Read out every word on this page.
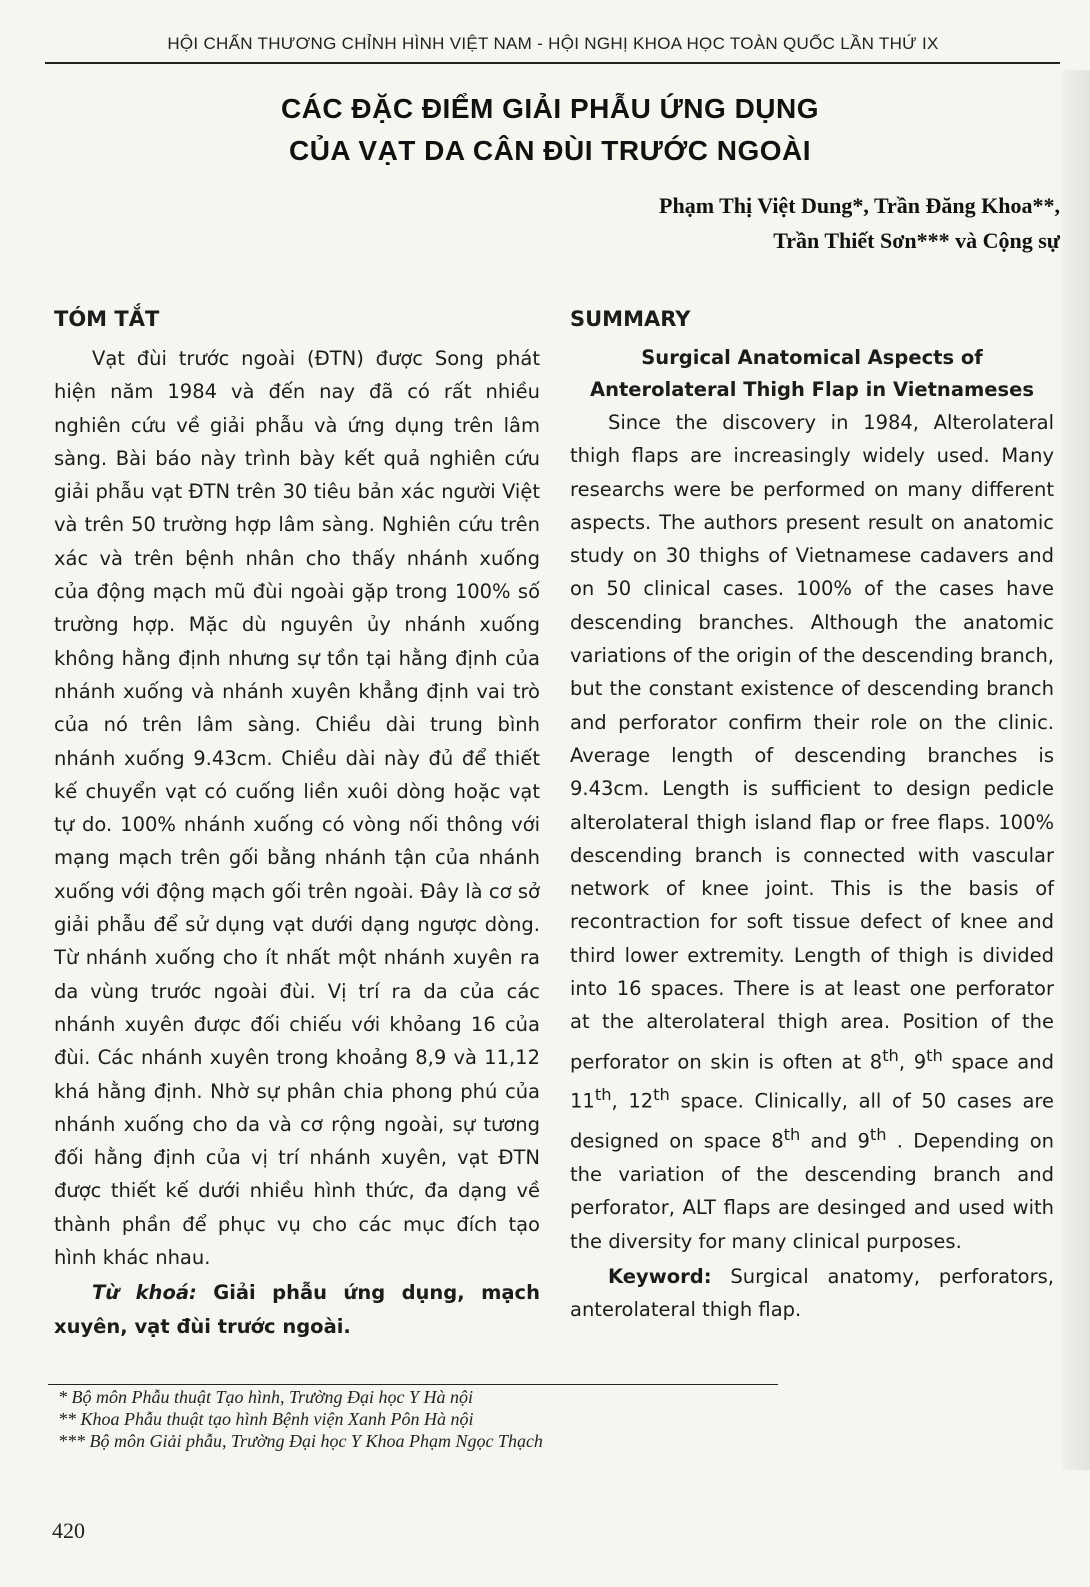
HỘI CHẤN THƯƠNG CHỈNH HÌNH VIỆT NAM - HỘI NGHỊ KHOA HỌC TOÀN QUỐC LẦN THỨ IX
CÁC ĐẶC ĐIỂM GIẢI PHẪU ỨNG DỤNG
CỦA VẠT DA CÂN ĐÙI TRƯỚC NGOÀI
Phạm Thị Việt Dung*, Trần Đăng Khoa**,
Trần Thiết Sơn*** và Cộng sự
TÓM TẮT

Vạt đùi trước ngoài (ĐTN) được Song phát hiện năm 1984 và đến nay đã có rất nhiều nghiên cứu về giải phẫu và ứng dụng trên lâm sàng. Bài báo này trình bày kết quả nghiên cứu giải phẫu vạt ĐTN trên 30 tiêu bản xác người Việt và trên 50 trường hợp lâm sàng. Nghiên cứu trên xác và trên bệnh nhân cho thấy nhánh xuống của động mạch mũ đùi ngoài gặp trong 100% số trường hợp. Mặc dù nguyên ủy nhánh xuống không hằng định nhưng sự tồn tại hằng định của nhánh xuống và nhánh xuyên khẳng định vai trò của nó trên lâm sàng. Chiều dài trung bình nhánh xuống 9.43cm. Chiều dài này đủ để thiết kế chuyển vạt có cuống liền xuôi dòng hoặc vạt tự do. 100% nhánh xuống có vòng nối thông với mạng mạch trên gối bằng nhánh tận của nhánh xuống với động mạch gối trên ngoài. Đây là cơ sở giải phẫu để sử dụng vạt dưới dạng ngược dòng. Từ nhánh xuống cho ít nhất một nhánh xuyên ra da vùng trước ngoài đùi. Vị trí ra da của các nhánh xuyên được đối chiếu với khỏang 16 của đùi. Các nhánh xuyên trong khoảng 8,9 và 11,12 khá hằng định. Nhờ sự phân chia phong phú của nhánh xuống cho da và cơ rộng ngoài, sự tương đối hằng định của vị trí nhánh xuyên, vạt ĐTN được thiết kế dưới nhiều hình thức, đa dạng về thành phần để phục vụ cho các mục đích tạo hình khác nhau.

Từ khoá: Giải phẫu ứng dụng, mạch xuyên, vạt đùi trước ngoài.

SUMMARY
Surgical Anatomical Aspects of
Anterolateral Thigh Flap in Vietnameses

Since the discovery in 1984, Alterolateral thigh flaps are increasingly widely used. Many researchs were be performed on many different aspects. The authors present result on anatomic study on 30 thighs of Vietnamese cadavers and on 50 clinical cases. 100% of the cases have descending branches. Although the anatomic variations of the origin of the descending branch, but the constant existence of descending branch and perforator confirm their role on the clinic. Average length of descending branches is 9.43cm. Length is sufficient to design pedicle alterolateral thigh island flap or free flaps. 100% descending branch is connected with vascular network of knee joint. This is the basis of recontraction for soft tissue defect of knee and third lower extremity. Length of thigh is divided into 16 spaces. There is at least one perforator at the alterolateral thigh area. Position of the perforator on skin is often at 8th, 9th space and 11th, 12th space. Clinically, all of 50 cases are designed on space 8th and 9th . Depending on the variation of the descending branch and perforator, ALT flaps are desinged and used with the diversity for many clinical purposes.

Keyword: Surgical anatomy, perforators, anterolateral thigh flap.

* Bộ môn Phẫu thuật Tạo hình, Trường Đại học Y Hà nội
** Khoa Phẫu thuật tạo hình Bệnh viện Xanh Pôn Hà nội
*** Bộ môn Giải phẫu, Trường Đại học Y Khoa Phạm Ngọc Thạch
420
